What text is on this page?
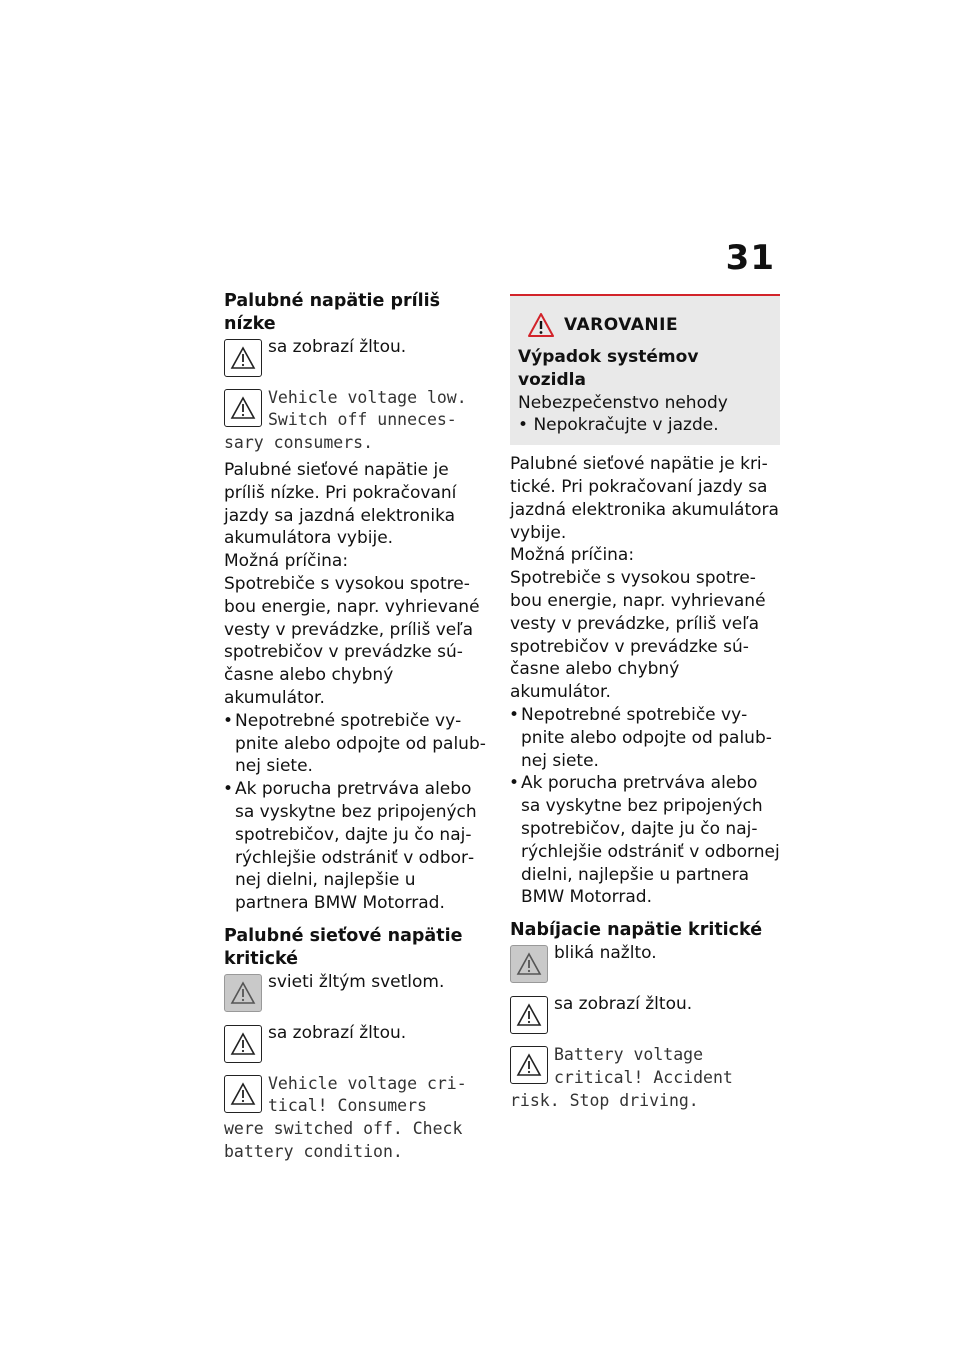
31
Palubné napätie príliš nízke

sa zobrazí žltou.

Vehicle voltage low.
Switch off unneces-
sary consumers.

Palubné sieťové napätie je príliš nízke. Pri pokračovaní jazdy sa jazdná elektronika akumulátora vybije.

Možná príčina:

Spotrebiče s vysokou spotrebou energie, napr. vyhrievané vesty v prevádzke, príliš veľa spotrebičov v prevádzke súčasne alebo chybný akumulátor.

• Nepotrebné spotrebiče vypnite alebo odpojte od palubnej siete.
• Ak porucha pretrváva alebo sa vyskytne bez pripojených spotrebičov, dajte ju čo najrýchlejšie odstrániť v odbornej dielni, najlepšie u partnera BMW Motorrad.
Palubné sieťové napätie kritické

svieti žltým svetlom.

sa zobrazí žltou.

Vehicle voltage cri-
tical! Consumers
were switched off. Check
battery condition.
VAROVANIE
Výpadok systémov vozidla
Nebezpečenstvo nehody
• Nepokračujte v jazde.

Palubné sieťové napätie je kritické. Pri pokračovaní jazdy sa jazdná elektronika akumulátora vybije.

Možná príčina:

Spotrebiče s vysokou spotrebou energie, napr. vyhrievané vesty v prevádzke, príliš veľa spotrebičov v prevádzke súčasne alebo chybný akumulátor.

• Nepotrebné spotrebiče vypnite alebo odpojte od palubnej siete.
• Ak porucha pretrváva alebo sa vyskytne bez pripojených spotrebičov, dajte ju čo najrýchlejšie odstrániť v odbornej dielni, najlepšie u partnera BMW Motorrad.
Nabíjacie napätie kritické

bliká nažlto.

sa zobrazí žltou.

Battery voltage
critical! Accident
risk. Stop driving.
